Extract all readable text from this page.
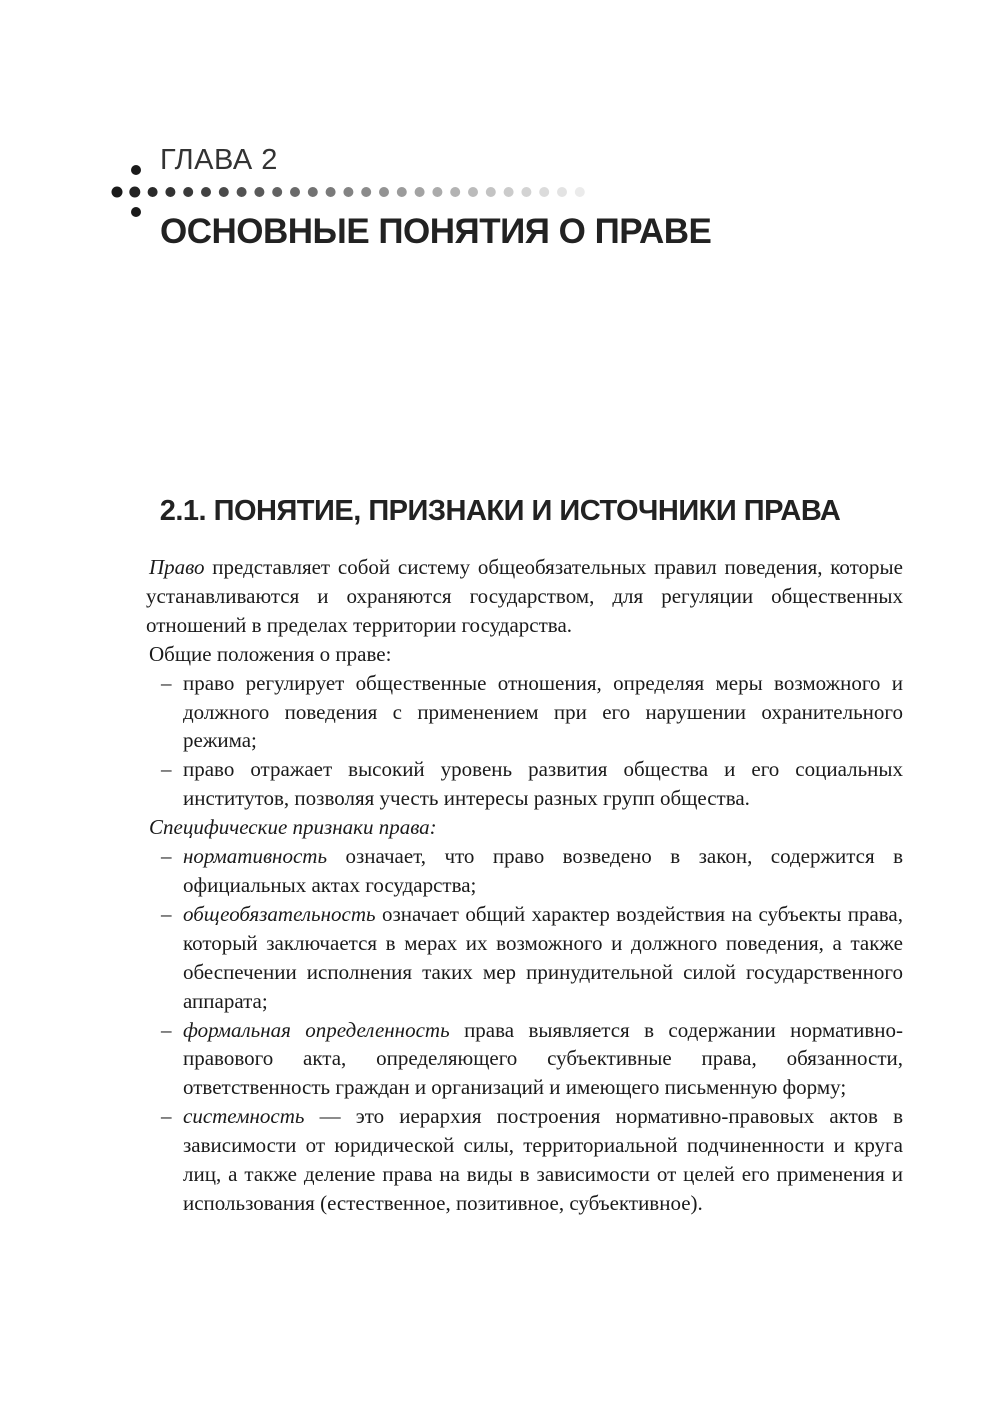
ГЛАВА 2
ОСНОВНЫЕ ПОНЯТИЯ О ПРАВЕ
2.1. ПОНЯТИЕ, ПРИЗНАКИ И ИСТОЧНИКИ ПРАВА

Право представляет собой систему общеобязательных правил поведения, которые устанавливаются и охраняются государством, для регуляции общественных отношений в пределах территории государства.

Общие положения о праве:

– право регулирует общественные отношения, определяя меры возможного и должного поведения с применением при его нарушении охранительного режима;
– право отражает высокий уровень развития общества и его социальных институтов, позволяя учесть интересы разных групп общества.

Специфические признаки права:

– нормативность означает, что право возведено в закон, содержится в официальных актах государства;
– общеобязательность означает общий характер воздействия на субъекты права, который заключается в мерах их возможного и должного поведения, а также обеспечении исполнения таких мер принудительной силой государственного аппарата;
– формальная определенность права выявляется в содержании нормативно-правового акта, определяющего субъективные права, обязанности, ответственность граждан и организаций и имеющего письменную форму;
– системность — это иерархия построения нормативно-правовых актов в зависимости от юридической силы, территориальной подчиненности и круга лиц, а также деление права на виды в зависимости от целей его применения и использования (естественное, позитивное, субъективное).
